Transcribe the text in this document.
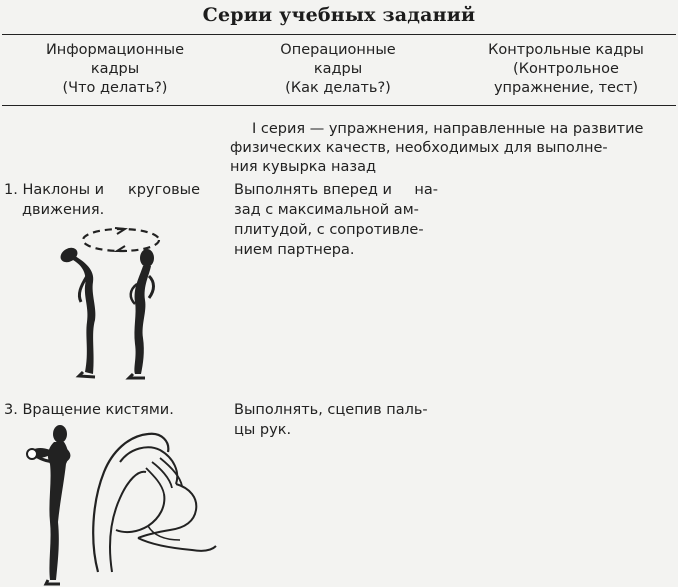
Серии учебных заданий
Информационные
кадры
(Что делать?)
Операционные
кадры
(Как делать?)
Контрольные кадры
(Контрольное
упражнение, тест)
I серия — упражнения, направленные на развитие
физических качеств, необходимых для выполне-
ния кувырка назад
1. Наклоны и круговые
движения.
Выполнять вперед и на-
зад с максимальной ам-
плитудой, с сопротивле-
нием партнера.
3. Вращение кистями.	Выполнять, сцепив паль-
цы рук.
